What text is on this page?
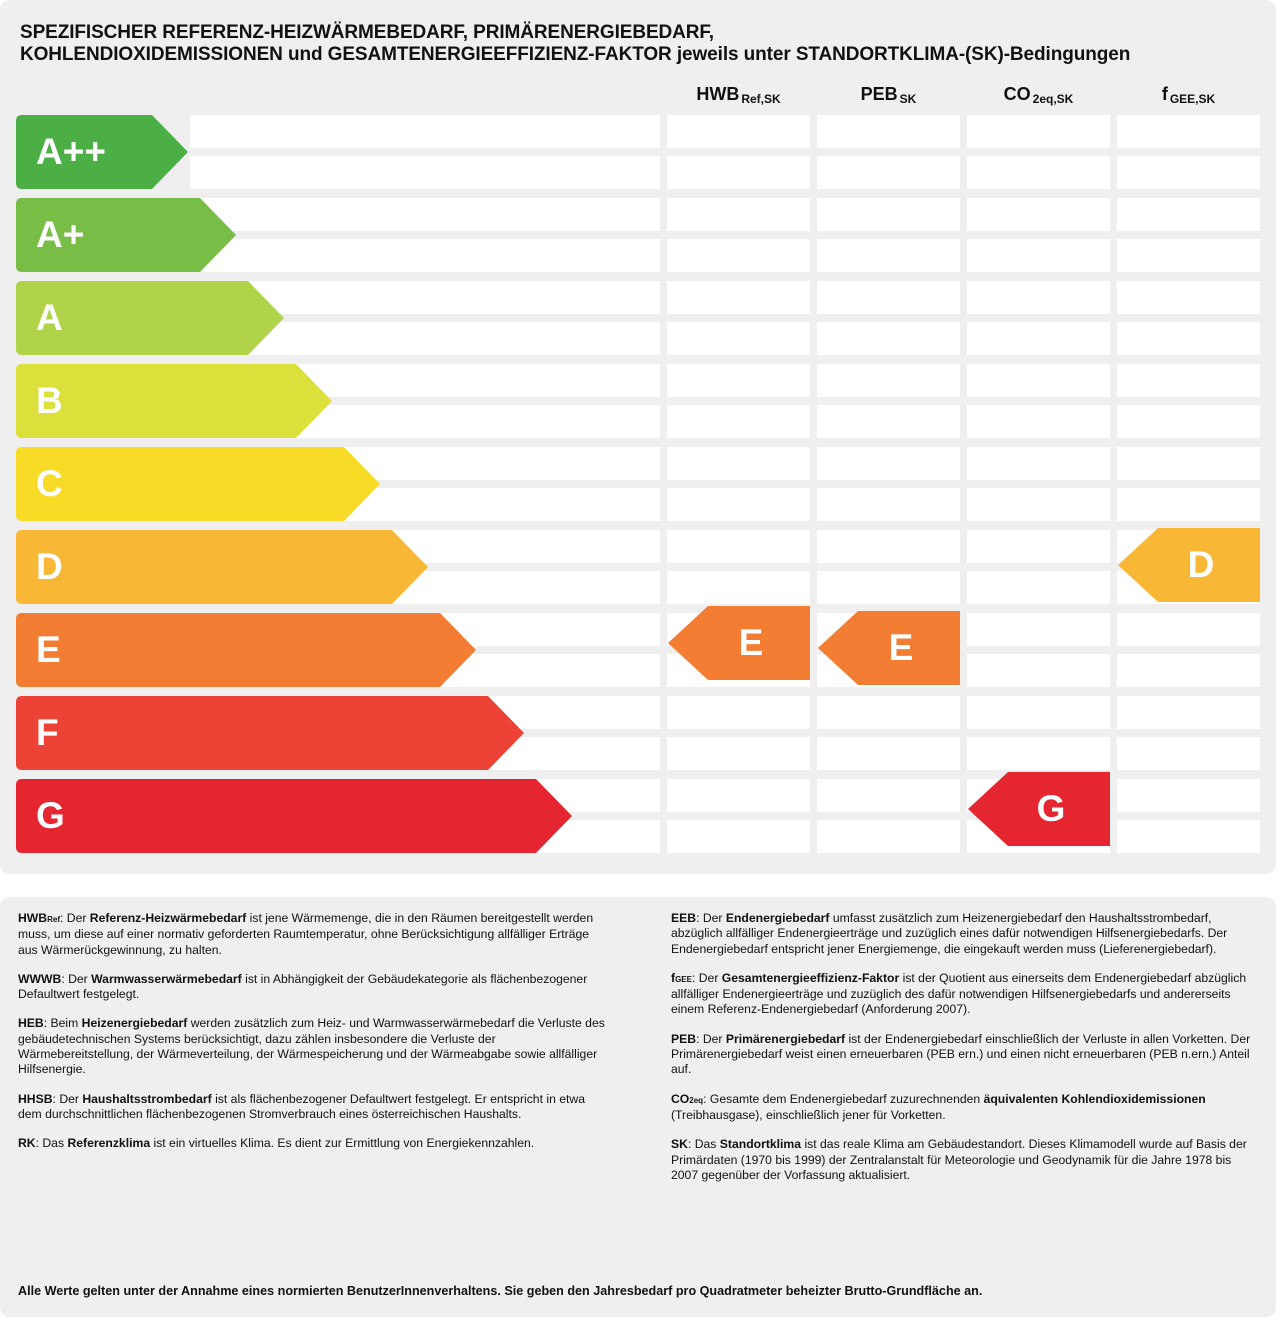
SPEZIFISCHER REFERENZ-HEIZWÄRMEBEDARF, PRIMÄRENERGIEBEDARF,
KOHLENDIOXIDEMISSIONEN und GESAMTENERGIEEFFIZIENZ-FAKTOR jeweils unter STANDORTKLIMA-(SK)-Bedingungen
HWB $_{Ref,SK}$	PEB $_{SK}$	CO $_{2eq,SK}$	f $_{GEE,SK}$
A++
A+
A
B
C
D
E
F
G
E	E
G
D
HWBRef: Der Referenz-Heizwärmebedarf ist jene Wärmemenge, die in den Räumen bereitgestellt werden muss, um diese auf einer normativ geforderten Raumtemperatur, ohne Berücksichtigung allfälliger Erträge aus Wärmerückgewinnung, zu halten.
WWWB: Der Warmwasserwärmebedarf ist in Abhängigkeit der Gebäudekategorie als flächenbezogener Defaultwert festgelegt.
HEB: Beim Heizenergiebedarf werden zusätzlich zum Heiz- und Warmwasserwärmebedarf die Verluste des gebäudetechnischen Systems berücksichtigt, dazu zählen insbesondere die Verluste der Wärmebereitstellung, der Wärmeverteilung, der Wärmespeicherung und der Wärmeabgabe sowie allfälliger Hilfsenergie.
HHSB: Der Haushaltsstrombedarf ist als flächenbezogener Defaultwert festgelegt. Er entspricht in etwa dem durchschnittlichen flächenbezogenen Stromverbrauch eines österreichischen Haushalts.
RK: Das Referenzklima ist ein virtuelles Klima. Es dient zur Ermittlung von Energiekennzahlen.
EEB: Der Endenergiebedarf umfasst zusätzlich zum Heizenergiebedarf den Haushaltsstrombedarf, abzüglich allfälliger Endenergieerträge und zuzüglich eines dafür notwendigen Hilfsenergiebedarfs. Der Endenergiebedarf entspricht jener Energiemenge, die eingekauft werden muss (Lieferenergiebedarf).
fGEE: Der Gesamtenergieeffizienz-Faktor ist der Quotient aus einerseits dem Endenergiebedarf abzüglich allfälliger Endenergieerträge und zuzüglich des dafür notwendigen Hilfsenergiebedarfs und andererseits einem Referenz-Endenergiebedarf (Anforderung 2007).
PEB: Der Primärenergiebedarf ist der Endenergiebedarf einschließlich der Verluste in allen Vorketten. Der Primärenergiebedarf weist einen erneuerbaren (PEB ern.) und einen nicht erneuerbaren (PEB n.ern.) Anteil auf.
CO2eq: Gesamte dem Endenergiebedarf zuzurechnenden äquivalenten Kohlendioxidemissionen (Treibhausgase), einschließlich jener für Vorketten.
SK: Das Standortklima ist das reale Klima am Gebäudestandort. Dieses Klimamodell wurde auf Basis der Primärdaten (1970 bis 1999) der Zentralanstalt für Meteorologie und Geodynamik für die Jahre 1978 bis 2007 gegenüber der Vorfassung aktualisiert.
Alle Werte gelten unter der Annahme eines normierten BenutzerInnenverhaltens. Sie geben den Jahresbedarf pro Quadratmeter beheizter Brutto-Grundfläche an.
